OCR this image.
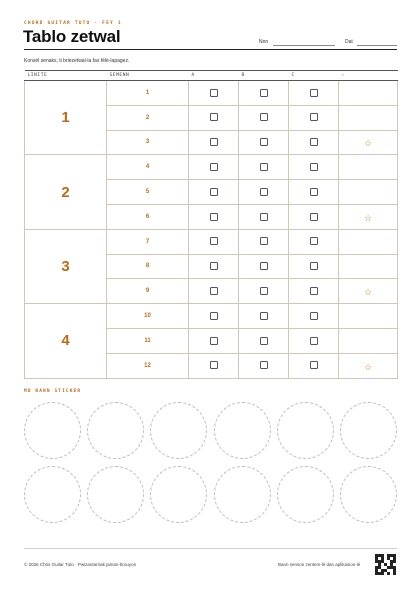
CHORD GUITAR TUTO · FEY 1
Tablo zetwal	Non	Dat
Konsèl senaks, ti briezetwal-la fas fèlè-lapagez.
LINITE	SEMENN	A	B	C	☆
1	1				
	2				
	3				☆
2	4				
	5				
	6				☆
3	7				
	8				
	9				☆
4	10				
	11				
	12				☆
MO BANN STICKER
© 2026 Chris Guitar Tuto · Pwizantarnak jaman-brouyon	Bann senson zentem-lé dan aplikasion-lé
